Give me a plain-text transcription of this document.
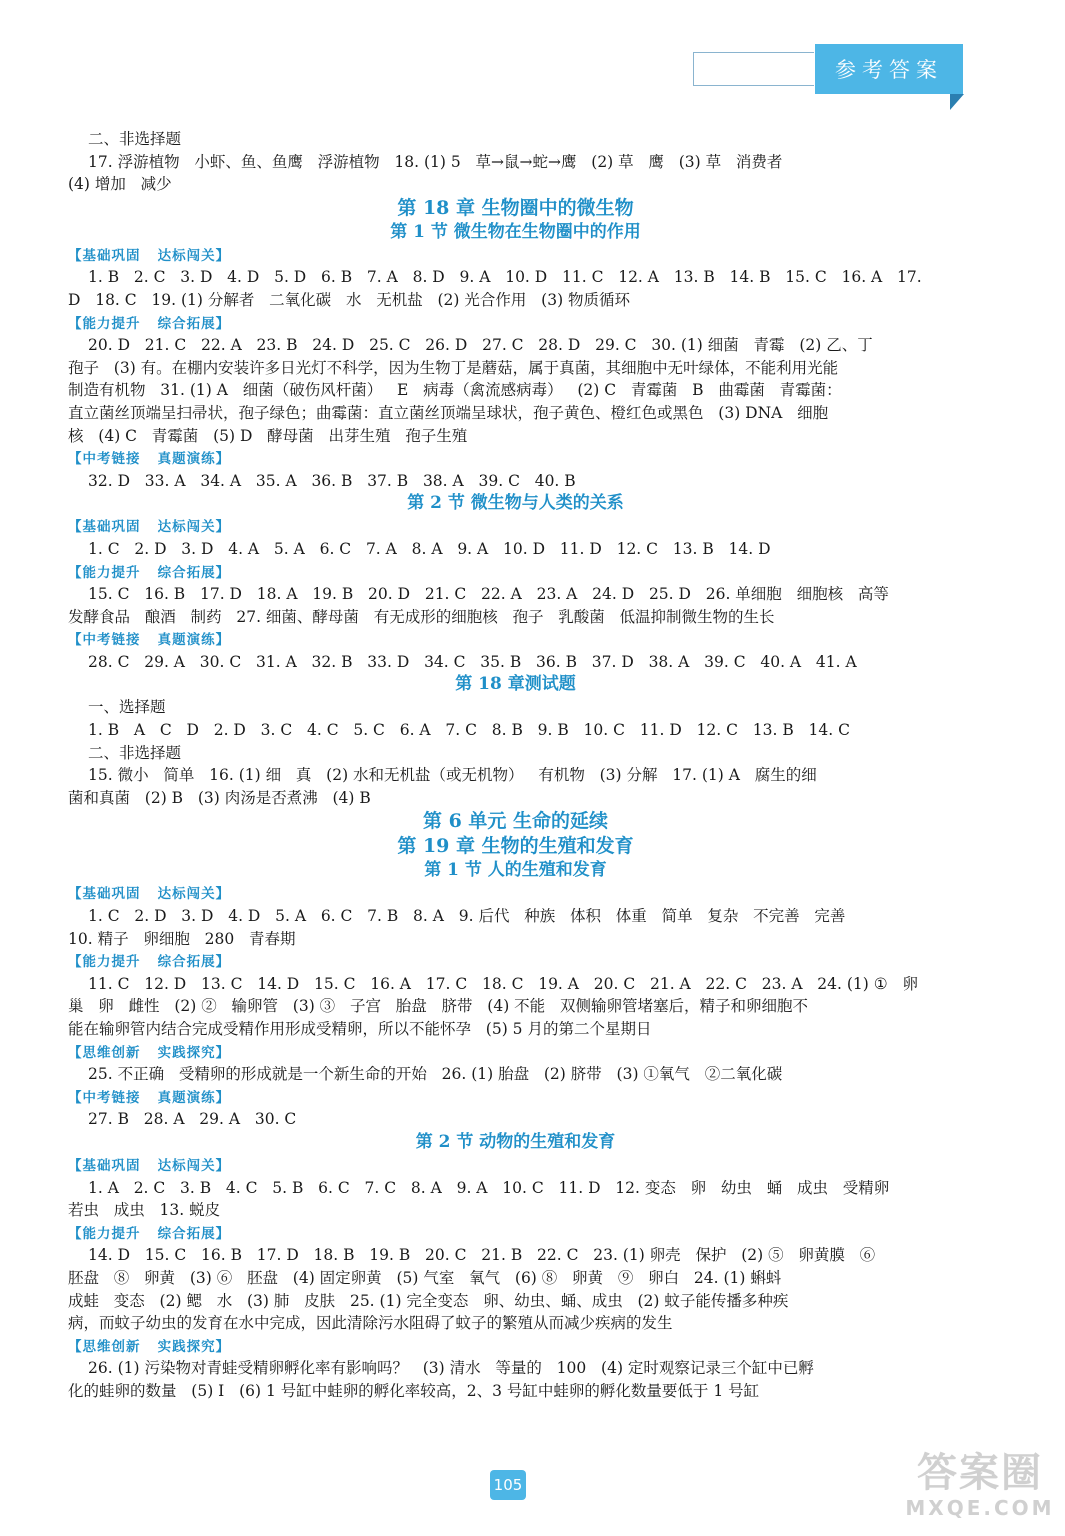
参考答案
二、非选择题
17. 浮游植物   小虾、鱼、鱼鹰   浮游植物   18. (1) 5   草→鼠→蛇→鹰   (2) 草   鹰   (3) 草   消费者
(4) 增加   减少
第 18 章 生物圈中的微生物
第 1 节 微生物在生物圈中的作用
【基础巩固   达标闯关】
1. B   2. C   3. D   4. D   5. D   6. B   7. A   8. D   9. A   10. D   11. C   12. A   13. B   14. B   15. C   16. A   17.
D   18. C   19. (1) 分解者   二氧化碳   水   无机盐   (2) 光合作用   (3) 物质循环
【能力提升   综合拓展】
20. D   21. C   22. A   23. B   24. D   25. C   26. D   27. C   28. D   29. C   30. (1) 细菌   青霉   (2) 乙、丁
孢子   (3) 有。在棚内安装许多日光灯不科学，因为生物丁是蘑菇，属于真菌，其细胞中无叶绿体，不能利用光能
制造有机物   31. (1) A   细菌（破伤风杆菌）   E   病毒（禽流感病毒）   (2) C   青霉菌   B   曲霉菌   青霉菌：
直立菌丝顶端呈扫帚状，孢子绿色；曲霉菌：直立菌丝顶端呈球状，孢子黄色、橙红色或黑色   (3) DNA   细胞
核   (4) C   青霉菌   (5) D   酵母菌   出芽生殖   孢子生殖
【中考链接   真题演练】
32. D   33. A   34. A   35. A   36. B   37. B   38. A   39. C   40. B
第 2 节 微生物与人类的关系
【基础巩固   达标闯关】
1. C   2. D   3. D   4. A   5. A   6. C   7. A   8. A   9. A   10. D   11. D   12. C   13. B   14. D
【能力提升   综合拓展】
15. C   16. B   17. D   18. A   19. B   20. D   21. C   22. A   23. A   24. D   25. D   26. 单细胞   细胞核   高等
发酵食品   酿酒   制药   27. 细菌、酵母菌   有无成形的细胞核   孢子   乳酸菌   低温抑制微生物的生长
【中考链接   真题演练】
28. C   29. A   30. C   31. A   32. B   33. D   34. C   35. B   36. B   37. D   38. A   39. C   40. A   41. A
第 18 章测试题
一、选择题
1. B   A   C   D   2. D   3. C   4. C   5. C   6. A   7. C   8. B   9. B   10. C   11. D   12. C   13. B   14. C
二、非选择题
15. 微小   简单   16. (1) 细   真   (2) 水和无机盐（或无机物）   有机物   (3) 分解   17. (1) A   腐生的细
菌和真菌   (2) B   (3) 肉汤是否煮沸   (4) B
第 6 单元 生命的延续
第 19 章 生物的生殖和发育
第 1 节 人的生殖和发育
【基础巩固   达标闯关】
1. C   2. D   3. D   4. D   5. A   6. C   7. B   8. A   9. 后代   种族   体积   体重   简单   复杂   不完善   完善
10. 精子   卵细胞   280   青春期
【能力提升   综合拓展】
11. C   12. D   13. C   14. D   15. C   16. A   17. C   18. C   19. A   20. C   21. A   22. C   23. A   24. (1) ①   卵
巢   卵   雌性   (2) ②   输卵管   (3) ③   子宫   胎盘   脐带   (4) 不能   双侧输卵管堵塞后，精子和卵细胞不
能在输卵管内结合完成受精作用形成受精卵，所以不能怀孕   (5) 5 月的第二个星期日
【思维创新   实践探究】
25. 不正确   受精卵的形成就是一个新生命的开始   26. (1) 胎盘   (2) 脐带   (3) ①氧气   ②二氧化碳
【中考链接   真题演练】
27. B   28. A   29. A   30. C
第 2 节 动物的生殖和发育
【基础巩固   达标闯关】
1. A   2. C   3. B   4. C   5. B   6. C   7. C   8. A   9. A   10. C   11. D   12. 变态   卵   幼虫   蛹   成虫   受精卵
若虫   成虫   13. 蜕皮
【能力提升   综合拓展】
14. D   15. C   16. B   17. D   18. B   19. B   20. C   21. B   22. C   23. (1) 卵壳   保护   (2) ⑤   卵黄膜   ⑥
胚盘   ⑧   卵黄   (3) ⑥   胚盘   (4) 固定卵黄   (5) 气室   氧气   (6) ⑧   卵黄   ⑨   卵白   24. (1) 蝌蚪
成蛙   变态   (2) 鳃   水   (3) 肺   皮肤   25. (1) 完全变态   卵、幼虫、蛹、成虫   (2) 蚊子能传播多种疾
病，而蚊子幼虫的发育在水中完成，因此清除污水阻碍了蚊子的繁殖从而减少疾病的发生
【思维创新   实践探究】
26. (1) 污染物对青蛙受精卵孵化率有影响吗？   (3) 清水   等量的   100   (4) 定时观察记录三个缸中已孵
化的蛙卵的数量   (5) I   (6) 1 号缸中蛙卵的孵化率较高，2、3 号缸中蛙卵的孵化数量要低于 1 号缸
105	答案圈
MXQE.COM
